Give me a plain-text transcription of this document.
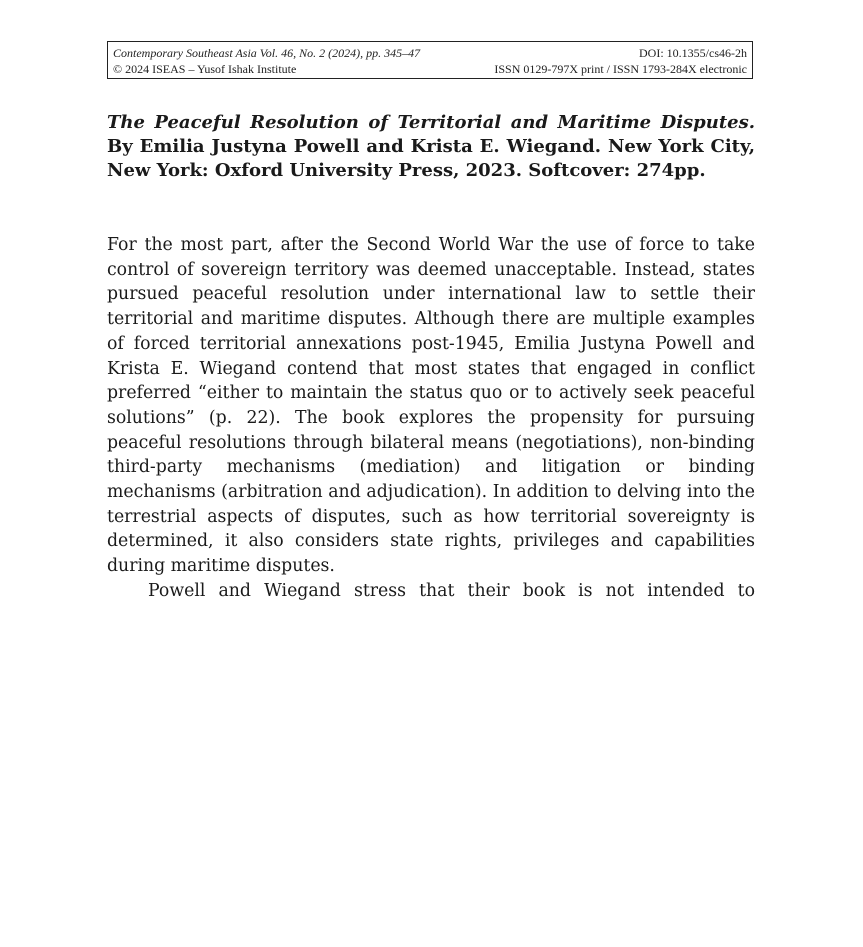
Contemporary Southeast Asia Vol. 46, No. 2 (2024), pp. 345–47	DOI: 10.1355/cs46-2h
© 2024 ISEAS – Yusof Ishak Institute	ISSN 0129-797X print / ISSN 1793-284X electronic
The Peaceful Resolution of Territorial and Maritime Disputes. By Emilia Justyna Powell and Krista E. Wiegand. New York City, New York: Oxford University Press, 2023. Softcover: 274pp.

For the most part, after the Second World War the use of force to take control of sovereign territory was deemed unacceptable. Instead, states pursued peaceful resolution under international law to settle their territorial and maritime disputes. Although there are multiple examples of forced territorial annexations post-1945, Emilia Justyna Powell and Krista E. Wiegand contend that most states that engaged in conflict preferred “either to maintain the status quo or to actively seek peaceful solutions” (p. 22). The book explores the propensity for pursuing peaceful resolutions through bilateral means (negotiations), non-binding third-party mechanisms (mediation) and litigation or binding mechanisms (arbitration and adjudication). In addition to delving into the terrestrial aspects of disputes, such as how territorial sovereignty is determined, it also considers state rights, privileges and capabilities during maritime disputes.

Powell and Wiegand stress that their book is not intended to
